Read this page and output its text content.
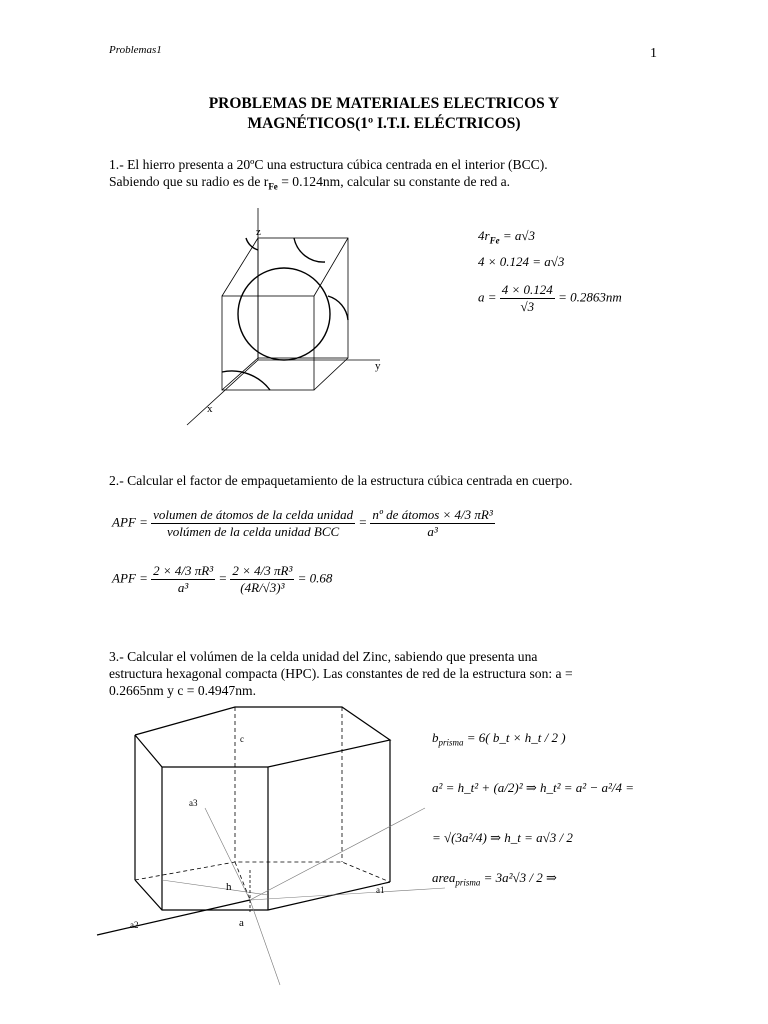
Problemas1	1
PROBLEMAS DE MATERIALES ELECTRICOS Y
MAGNÉTICOS(1º I.T.I. ELÉCTRICOS)
1.- El hierro presenta a 20ºC una estructura cúbica centrada en el interior (BCC).
Sabiendo que su radio es de $r_{Fe} = 0.124nm$, calcular su constante de red a.
z
y
x
$4r_{Fe} = a√3$
4 × 0.124 = a√3
$a = \frac{4 \times 0.124}{√3} = 0.2863nm$
2.- Calcular el factor de empaquetamiento de la estructura cúbica centrada en cuerpo.
APF = $\frac{\text{volumen de átomos de la celda unidad}}{\text{volúmen de la celda unidad BCC}} = \frac{\text{nº de átomos × 4/3 πR³}}{\text{a³}}$
APF = $\frac{\text{2 × 4/3 πR³}}{\text{a³}} = \frac{\text{2 × 4/3 πR³}}{\text{(4R/√3)³}} = 0.68$
3.- Calcular el volúmen de la celda unidad del Zinc, sabiendo que presenta una
estructura hexagonal compacta (HPC). Las constantes de red de la estructura son: a =
0.2665nm y c = 0.4947nm.
c
a3
h	a1
a2	a
$b_{prisma} = 6$( b_t × h_t / 2 )
a² = h_t² + (a/2)² ⇒ h_t² = a² − a²/4 =
= √(3a²/4) ⇒ h_t = a√3 / 2
area$_{prisma}$ = 3a²√3 / 2 ⇒
